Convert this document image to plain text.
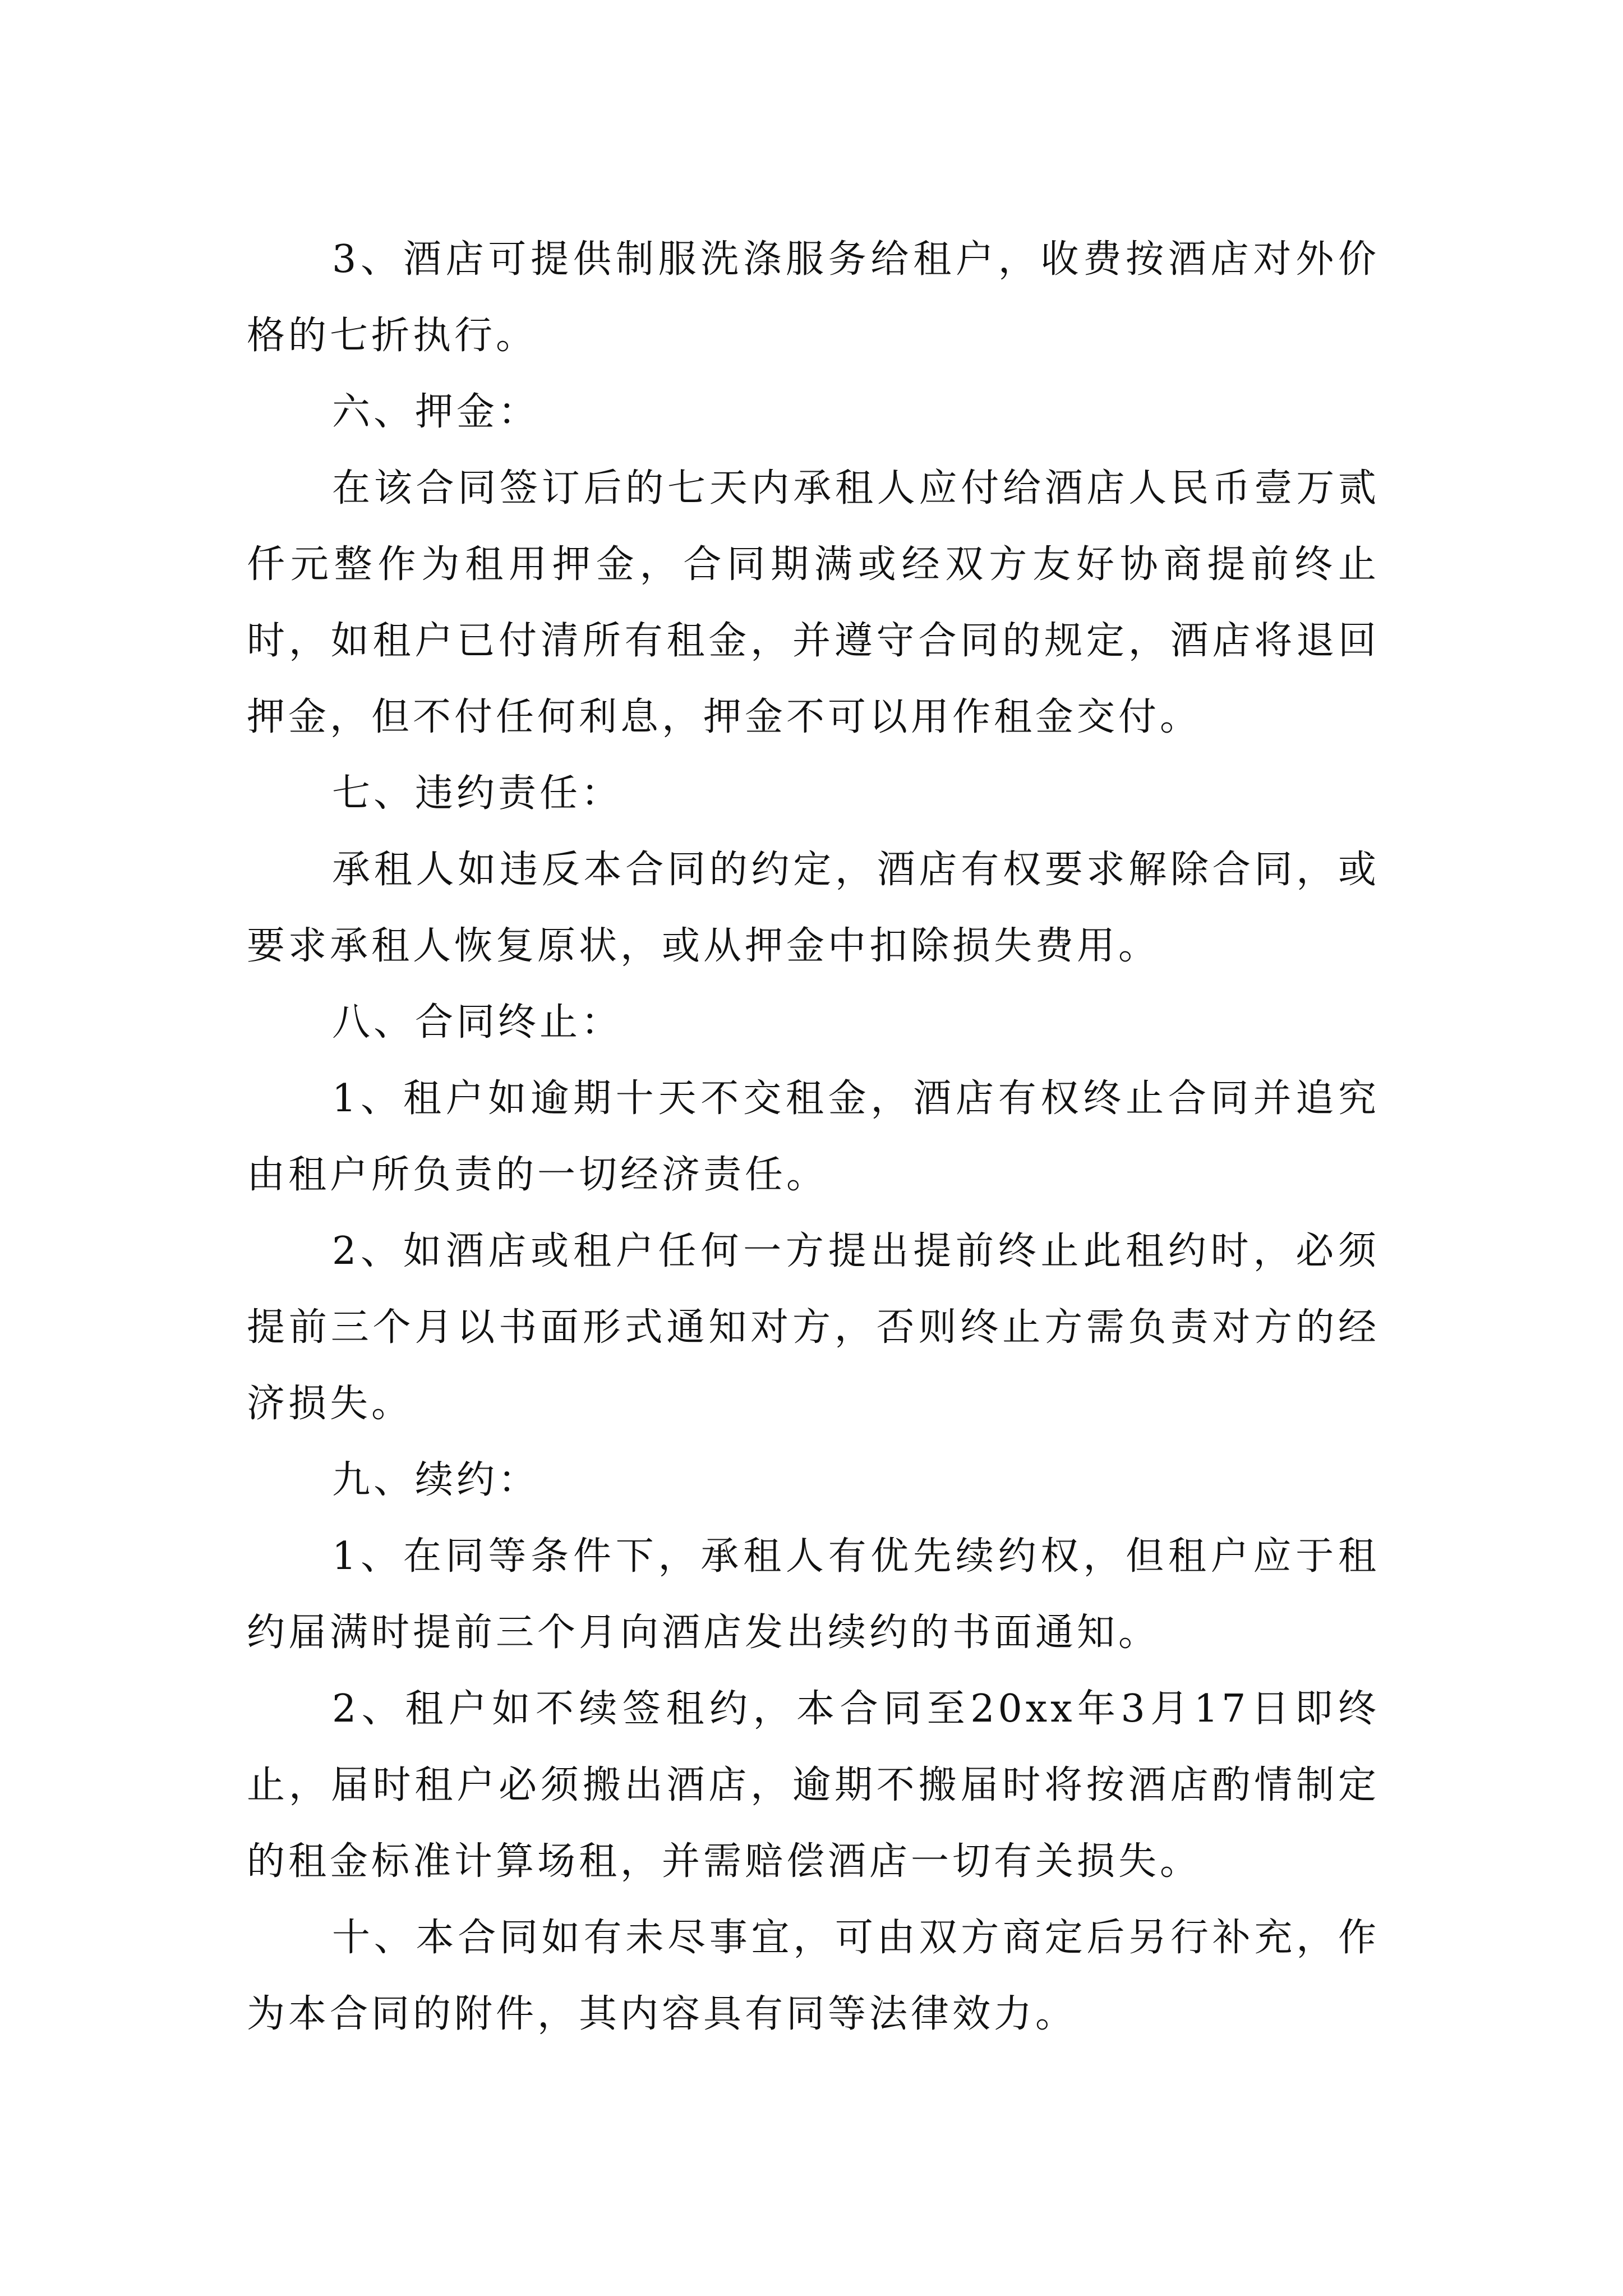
3、酒店可提供制服洗涤服务给租户，收费按酒店对外价格的七折执行。

六、押金：

在该合同签订后的七天内承租人应付给酒店人民币壹万贰仟元整作为租用押金，合同期满或经双方友好协商提前终止时，如租户已付清所有租金，并遵守合同的规定，酒店将退回押金，但不付任何利息，押金不可以用作租金交付。

七、违约责任：

承租人如违反本合同的约定，酒店有权要求解除合同，或要求承租人恢复原状，或从押金中扣除损失费用。

八、合同终止：

1、租户如逾期十天不交租金，酒店有权终止合同并追究由租户所负责的一切经济责任。

2、如酒店或租户任何一方提出提前终止此租约时，必须提前三个月以书面形式通知对方，否则终止方需负责对方的经济损失。

九、续约：

1、在同等条件下，承租人有优先续约权，但租户应于租约届满时提前三个月向酒店发出续约的书面通知。

2、租户如不续签租约，本合同至20xx年3月17日即终止，届时租户必须搬出酒店，逾期不搬届时将按酒店酌情制定的租金标准计算场租，并需赔偿酒店一切有关损失。

十、本合同如有未尽事宜，可由双方商定后另行补充，作为本合同的附件，其内容具有同等法律效力。
